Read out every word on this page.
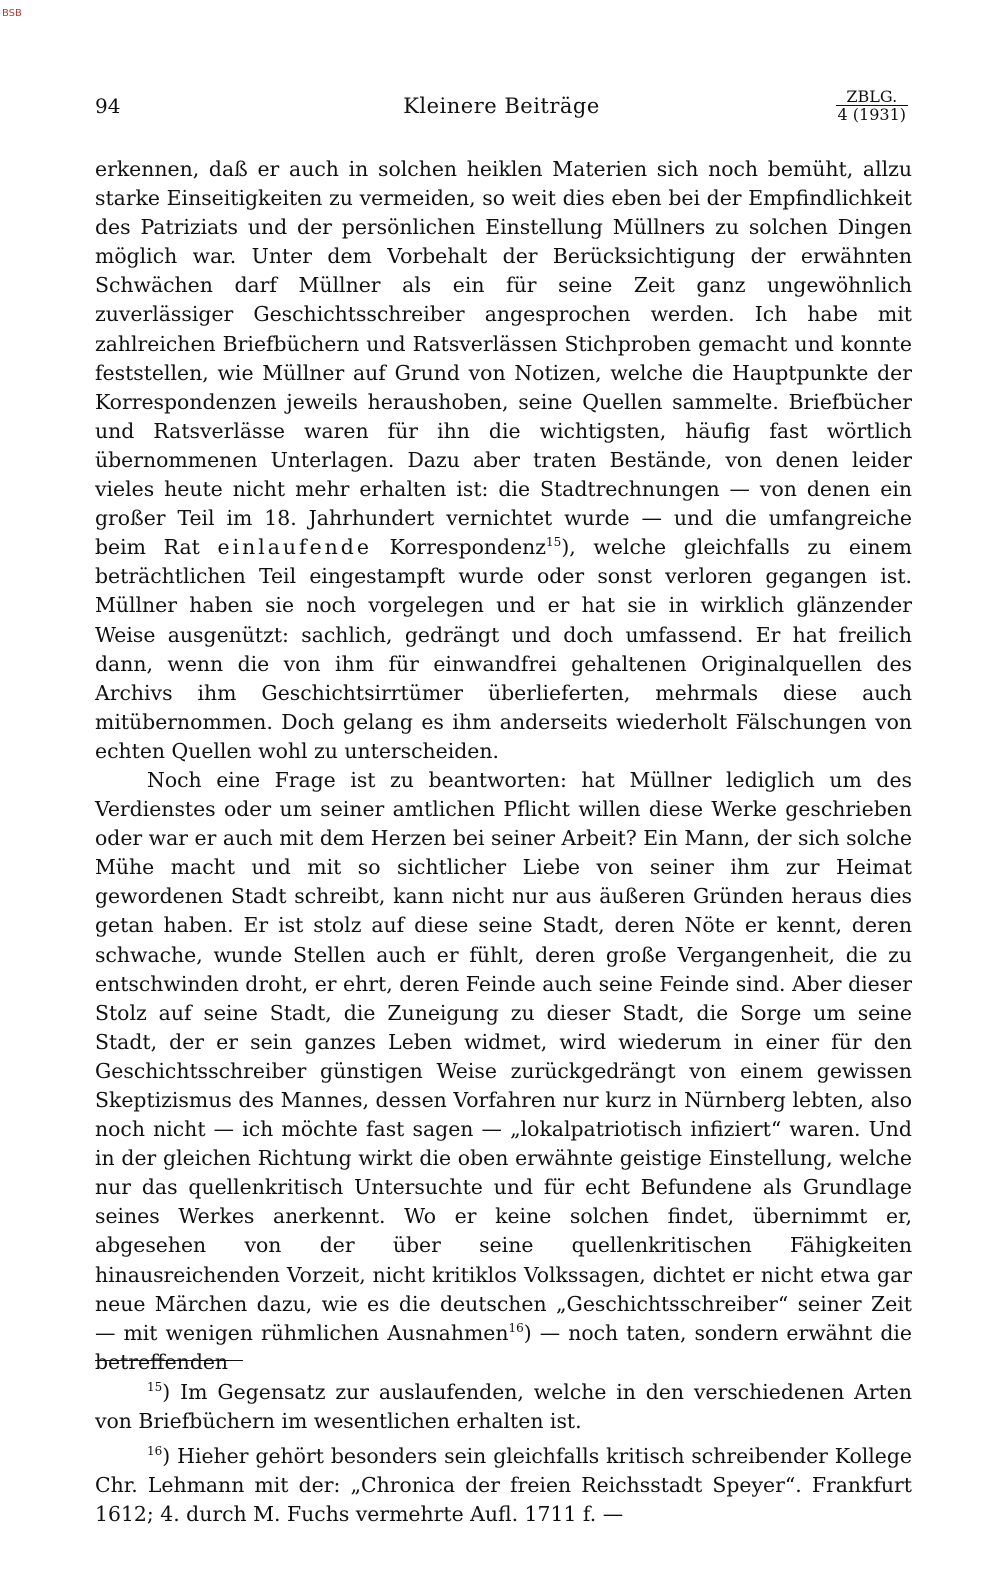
BSB
94	Kleinere Beiträge	ZBLG.
4 (1931)

erkennen, daß er auch in solchen heiklen Materien sich noch bemüht, allzu starke Einseitigkeiten zu vermeiden, so weit dies eben bei der Empfindlichkeit des Patriziats und der persönlichen Einstellung Müllners zu solchen Dingen möglich war. Unter dem Vorbehalt der Berücksichtigung der erwähnten Schwächen darf Müllner als ein für seine Zeit ganz ungewöhnlich zuverlässiger Geschichtsschreiber angesprochen werden. Ich habe mit zahlreichen Briefbüchern und Ratsverlässen Stichproben gemacht und konnte feststellen, wie Müllner auf Grund von Notizen, welche die Hauptpunkte der Korrespondenzen jeweils heraushoben, seine Quellen sammelte. Briefbücher und Ratsverlässe waren für ihn die wichtigsten, häufig fast wörtlich übernommenen Unterlagen. Dazu aber traten Bestände, von denen leider vieles heute nicht mehr erhalten ist: die Stadtrechnungen — von denen ein großer Teil im 18. Jahrhundert vernichtet wurde — und die umfangreiche beim Rat einlaufende Korrespondenz$^{15}$), welche gleichfalls zu einem beträchtlichen Teil eingestampft wurde oder sonst verloren gegangen ist. Müllner haben sie noch vorgelegen und er hat sie in wirklich glänzender Weise ausgenützt: sachlich, gedrängt und doch umfassend. Er hat freilich dann, wenn die von ihm für einwandfrei gehaltenen Originalquellen des Archivs ihm Geschichtsirrtümer überlieferten, mehrmals diese auch mitübernommen. Doch gelang es ihm anderseits wiederholt Fälschungen von echten Quellen wohl zu unterscheiden.

Noch eine Frage ist zu beantworten: hat Müllner lediglich um des Verdienstes oder um seiner amtlichen Pflicht willen diese Werke geschrieben oder war er auch mit dem Herzen bei seiner Arbeit? Ein Mann, der sich solche Mühe macht und mit so sichtlicher Liebe von seiner ihm zur Heimat gewordenen Stadt schreibt, kann nicht nur aus äußeren Gründen heraus dies getan haben. Er ist stolz auf diese seine Stadt, deren Nöte er kennt, deren schwache, wunde Stellen auch er fühlt, deren große Vergangenheit, die zu entschwinden droht, er ehrt, deren Feinde auch seine Feinde sind. Aber dieser Stolz auf seine Stadt, die Zuneigung zu dieser Stadt, die Sorge um seine Stadt, der er sein ganzes Leben widmet, wird wiederum in einer für den Geschichtsschreiber günstigen Weise zurückgedrängt von einem gewissen Skeptizismus des Mannes, dessen Vorfahren nur kurz in Nürnberg lebten, also noch nicht — ich möchte fast sagen — „lokalpatriotisch infiziert“ waren. Und in der gleichen Richtung wirkt die oben erwähnte geistige Einstellung, welche nur das quellenkritisch Untersuchte und für echt Befundene als Grundlage seines Werkes anerkennt. Wo er keine solchen findet, übernimmt er, abgesehen von der über seine quellenkritischen Fähigkeiten hinausreichenden Vorzeit, nicht kritiklos Volkssagen, dichtet er nicht etwa gar neue Märchen dazu, wie es die deutschen „Geschichtsschreiber“ seiner Zeit — mit wenigen rühmlichen Ausnahmen$^{16}$) — noch taten, sondern erwähnt die betreffenden

$^{15}$) Im Gegensatz zur auslaufenden, welche in den verschiedenen Arten von Briefbüchern im wesentlichen erhalten ist.

$^{16}$) Hieher gehört besonders sein gleichfalls kritisch schreibender Kollege Chr. Lehmann mit der: „Chronica der freien Reichsstadt Speyer“. Frankfurt 1612; 4. durch M. Fuchs vermehrte Aufl. 1711 f. —
